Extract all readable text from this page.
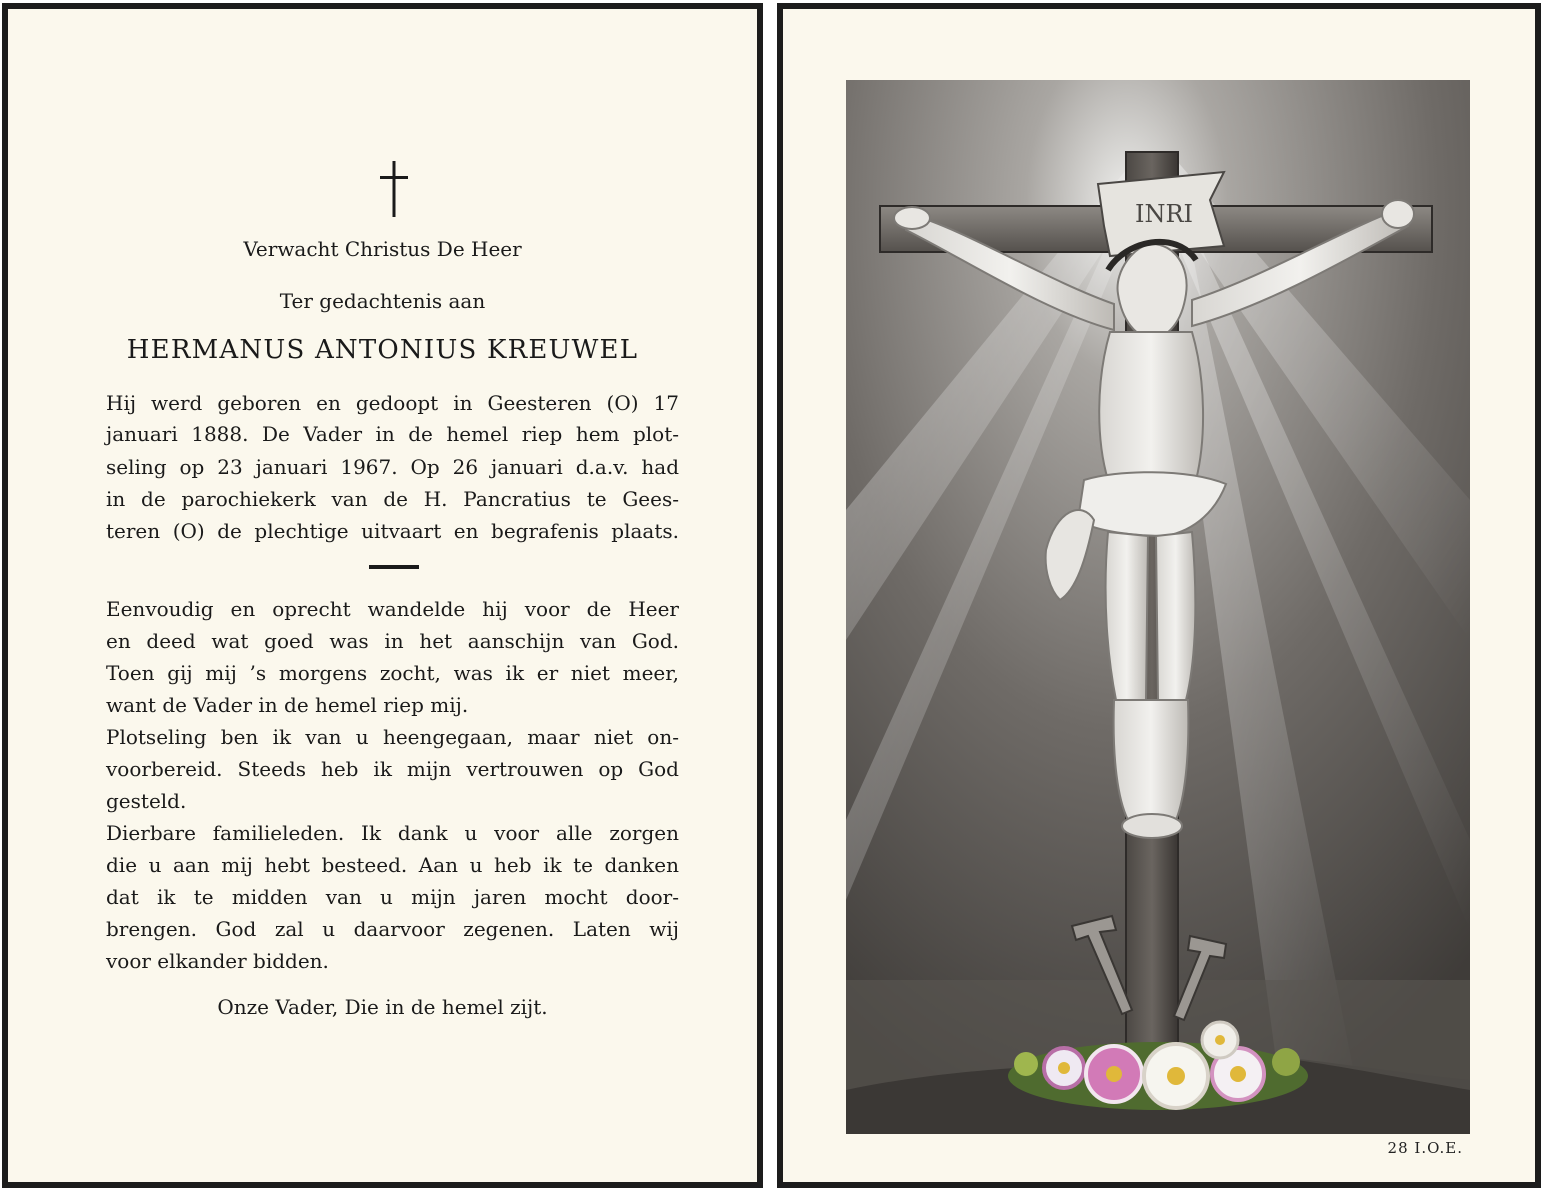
Verwacht Christus De Heer
Ter gedachtenis aan
HERMANUS ANTONIUS KREUWEL
Hij werd geboren en gedoopt in Geesteren (O) 17
januari 1888. De Vader in de hemel riep hem plot-
seling op 23 januari 1967. Op 26 januari d.a.v. had
in de parochiekerk van de H. Pancratius te Gees-
teren (O) de plechtige uitvaart en begrafenis plaats.
Eenvoudig en oprecht wandelde hij voor de Heer
en deed wat goed was in het aanschijn van God.
Toen gij mij ’s morgens zocht, was ik er niet meer,
want de Vader in de hemel riep mij.
Plotseling ben ik van u heengegaan, maar niet on-
voorbereid. Steeds heb ik mijn vertrouwen op God
gesteld.
Dierbare familieleden. Ik dank u voor alle zorgen
die u aan mij hebt besteed. Aan u heb ik te danken
dat ik te midden van u mijn jaren mocht door-
brengen. God zal u daarvoor zegenen. Laten wij
voor elkander bidden.
Onze Vader, Die in de hemel zijt.
INRI
28 I.O.E.
